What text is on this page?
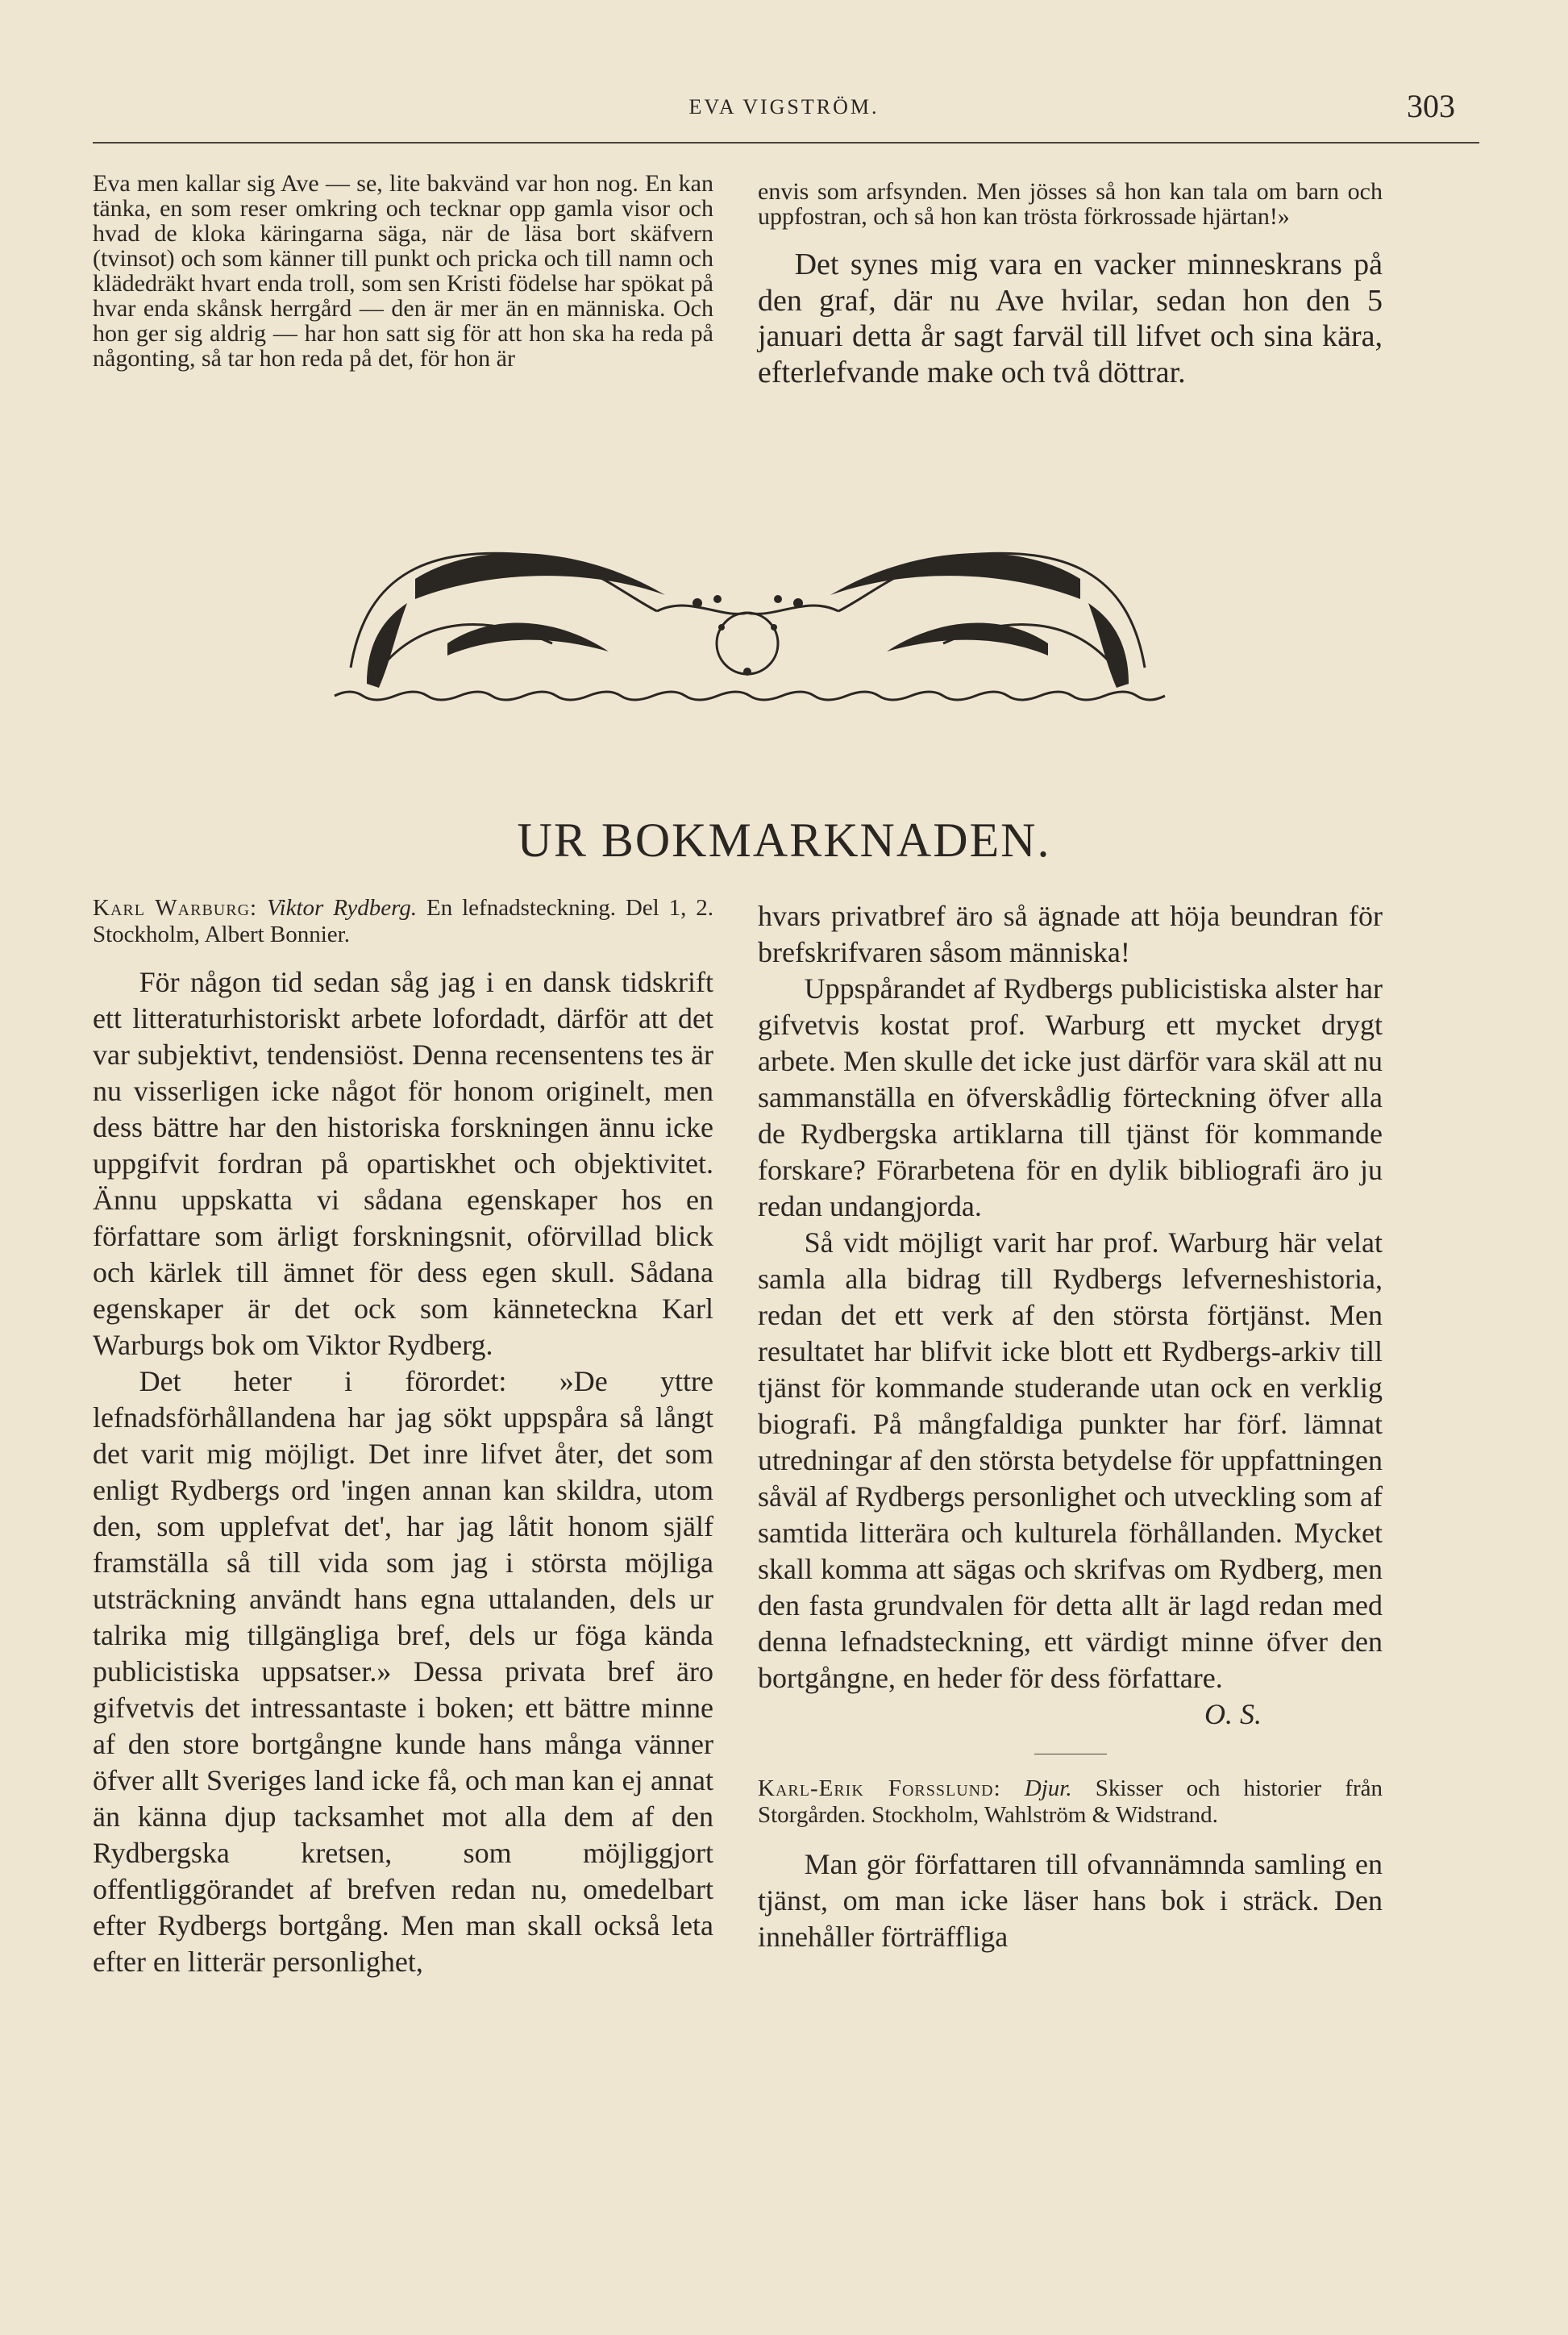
EVA VIGSTRÖM.	303

Eva men kallar sig Ave — se, lite bakvänd var hon nog. En kan tänka, en som reser omkring och tecknar opp gamla visor och hvad de kloka käringarna säga, när de läsa bort skäfvern (tvinsot) och som känner till punkt och pricka och till namn och klädedräkt hvart enda troll, som sen Kristi födelse har spökat på hvar enda skånsk herrgård — den är mer än en människa. Och hon ger sig aldrig — har hon satt sig för att hon ska ha reda på någonting, så tar hon reda på det, för hon är

envis som arfsynden. Men jösses så hon kan tala om barn och uppfostran, och så hon kan trösta förkrossade hjärtan!»

Det synes mig vara en vacker minneskrans på den graf, där nu Ave hvilar, sedan hon den 5 januari detta år sagt farväl till lifvet och sina kära, efterlefvande make och två döttrar.

UR BOKMARKNADEN.

Karl Warburg: Viktor Rydberg. En lefnadsteckning. Del 1, 2. Stockholm, Albert Bonnier.

För någon tid sedan såg jag i en dansk tidskrift ett litteraturhistoriskt arbete lofordadt, därför att det var subjektivt, tendensiöst. Denna recensentens tes är nu visserligen icke något för honom originelt, men dess bättre har den historiska forskningen ännu icke uppgifvit fordran på opartiskhet och objektivitet. Ännu uppskatta vi sådana egenskaper hos en författare som ärligt forskningsnit, oförvillad blick och kärlek till ämnet för dess egen skull. Sådana egenskaper är det ock som känneteckna Karl Warburgs bok om Viktor Rydberg.

Det heter i förordet: »De yttre lefnadsförhållandena har jag sökt uppspåra så långt det varit mig möjligt. Det inre lifvet åter, det som enligt Rydbergs ord 'ingen annan kan skildra, utom den, som upplefvat det', har jag låtit honom själf framställa så till vida som jag i största möjliga utsträckning användt hans egna uttalanden, dels ur talrika mig tillgängliga bref, dels ur föga kända publicistiska uppsatser.» Dessa privata bref äro gifvetvis det intressantaste i boken; ett bättre minne af den store bortgångne kunde hans många vänner öfver allt Sveriges land icke få, och man kan ej annat än känna djup tacksamhet mot alla dem af den Rydbergska kretsen, som möjliggjort offentliggörandet af brefven redan nu, omedelbart efter Rydbergs bortgång. Men man skall också leta efter en litterär personlighet,

hvars privatbref äro så ägnade att höja beundran för brefskrifvaren såsom människa!

Uppspårandet af Rydbergs publicistiska alster har gifvetvis kostat prof. Warburg ett mycket drygt arbete. Men skulle det icke just därför vara skäl att nu sammanställa en öfverskådlig förteckning öfver alla de Rydbergska artiklarna till tjänst för kommande forskare? Förarbetena för en dylik bibliografi äro ju redan undangjorda.

Så vidt möjligt varit har prof. Warburg här velat samla alla bidrag till Rydbergs lefverneshistoria, redan det ett verk af den största förtjänst. Men resultatet har blifvit icke blott ett Rydbergs-arkiv till tjänst för kommande studerande utan ock en verklig biografi. På mångfaldiga punkter har förf. lämnat utredningar af den största betydelse för uppfattningen såväl af Rydbergs personlighet och utveckling som af samtida litterära och kulturela förhållanden. Mycket skall komma att sägas och skrifvas om Rydberg, men den fasta grundvalen för detta allt är lagd redan med denna lefnadsteckning, ett värdigt minne öfver den bortgångne, en heder för dess författare.

O. S.

Karl-Erik Forsslund: Djur. Skisser och historier från Storgården. Stockholm, Wahlström & Widstrand.

Man gör författaren till ofvannämnda samling en tjänst, om man icke läser hans bok i sträck. Den innehåller förträffliga
